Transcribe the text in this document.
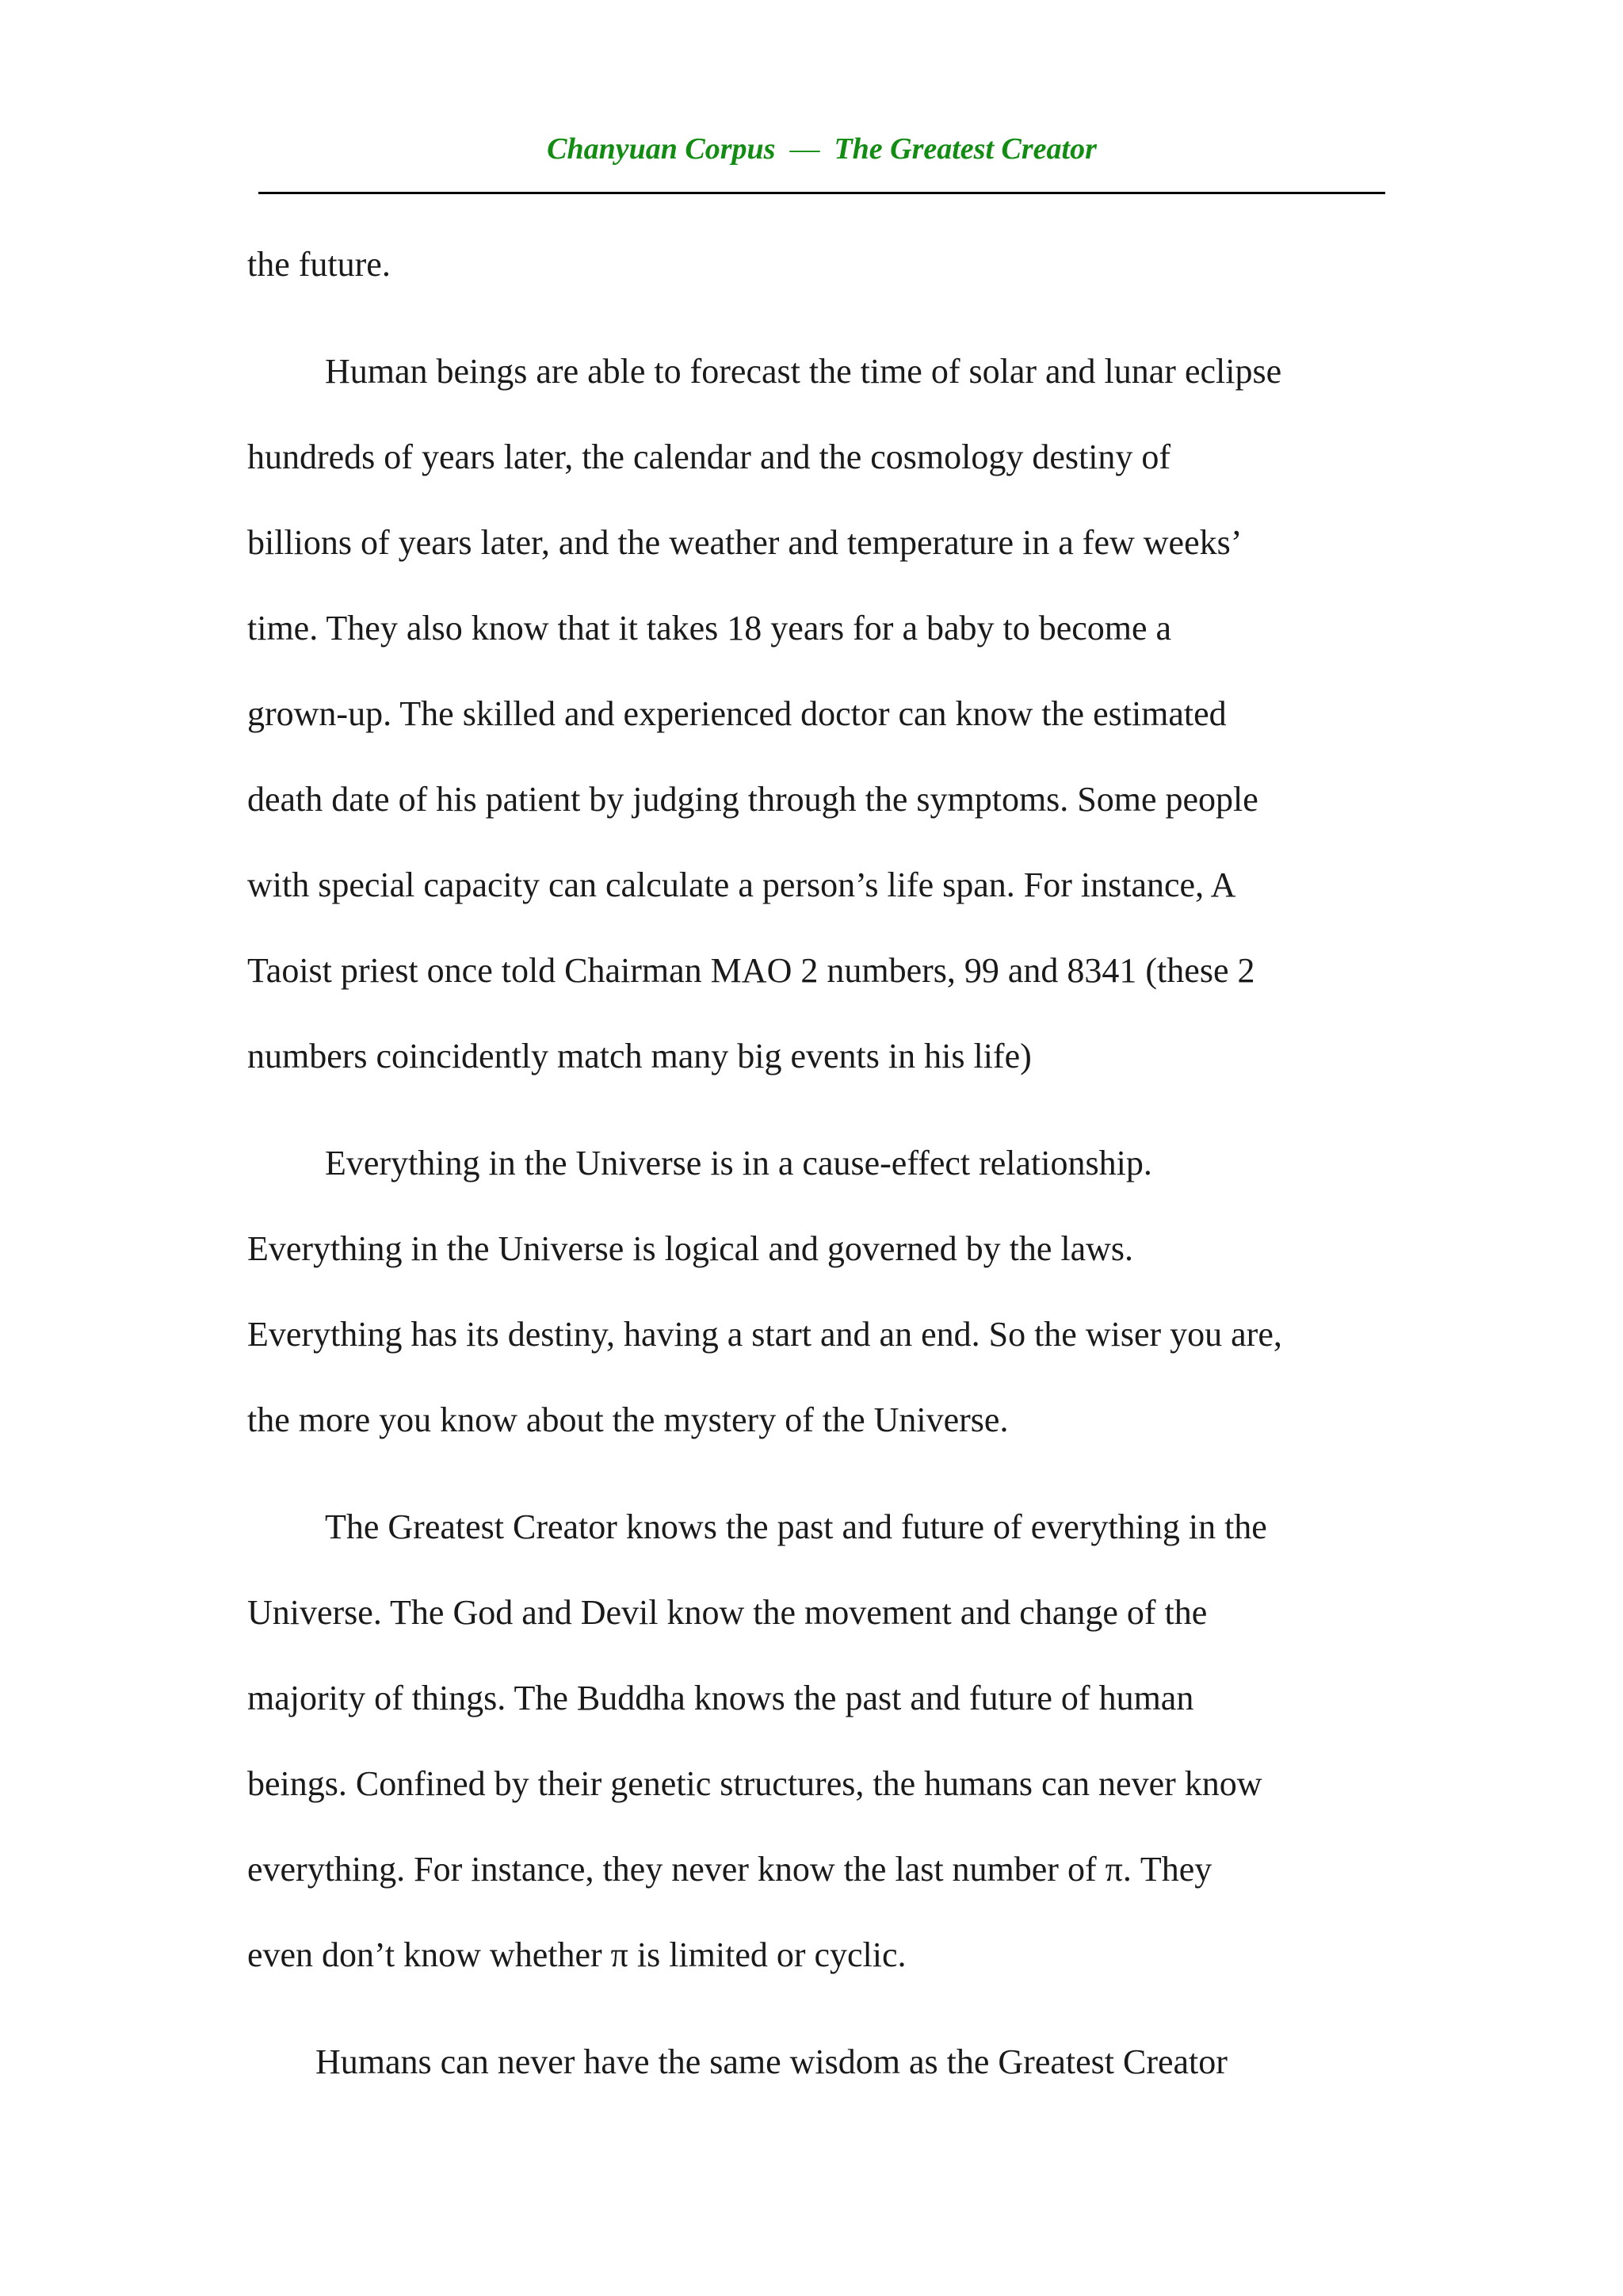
Chanyuan Corpus — The Greatest Creator
the future.
Human beings are able to forecast the time of solar and lunar eclipse
hundreds of years later, the calendar and the cosmology destiny of
billions of years later, and the weather and temperature in a few weeks’
time. They also know that it takes 18 years for a baby to become a
grown-up. The skilled and experienced doctor can know the estimated
death date of his patient by judging through the symptoms. Some people
with special capacity can calculate a person’s life span. For instance, A
Taoist priest once told Chairman MAO 2 numbers, 99 and 8341 (these 2
numbers coincidently match many big events in his life)
Everything in the Universe is in a cause-effect relationship.
Everything in the Universe is logical and governed by the laws.
Everything has its destiny, having a start and an end. So the wiser you are,
the more you know about the mystery of the Universe.
The Greatest Creator knows the past and future of everything in the
Universe. The God and Devil know the movement and change of the
majority of things. The Buddha knows the past and future of human
beings. Confined by their genetic structures, the humans can never know
everything. For instance, they never know the last number of π. They
even don’t know whether π is limited or cyclic.
Humans can never have the same wisdom as the Greatest Creator
